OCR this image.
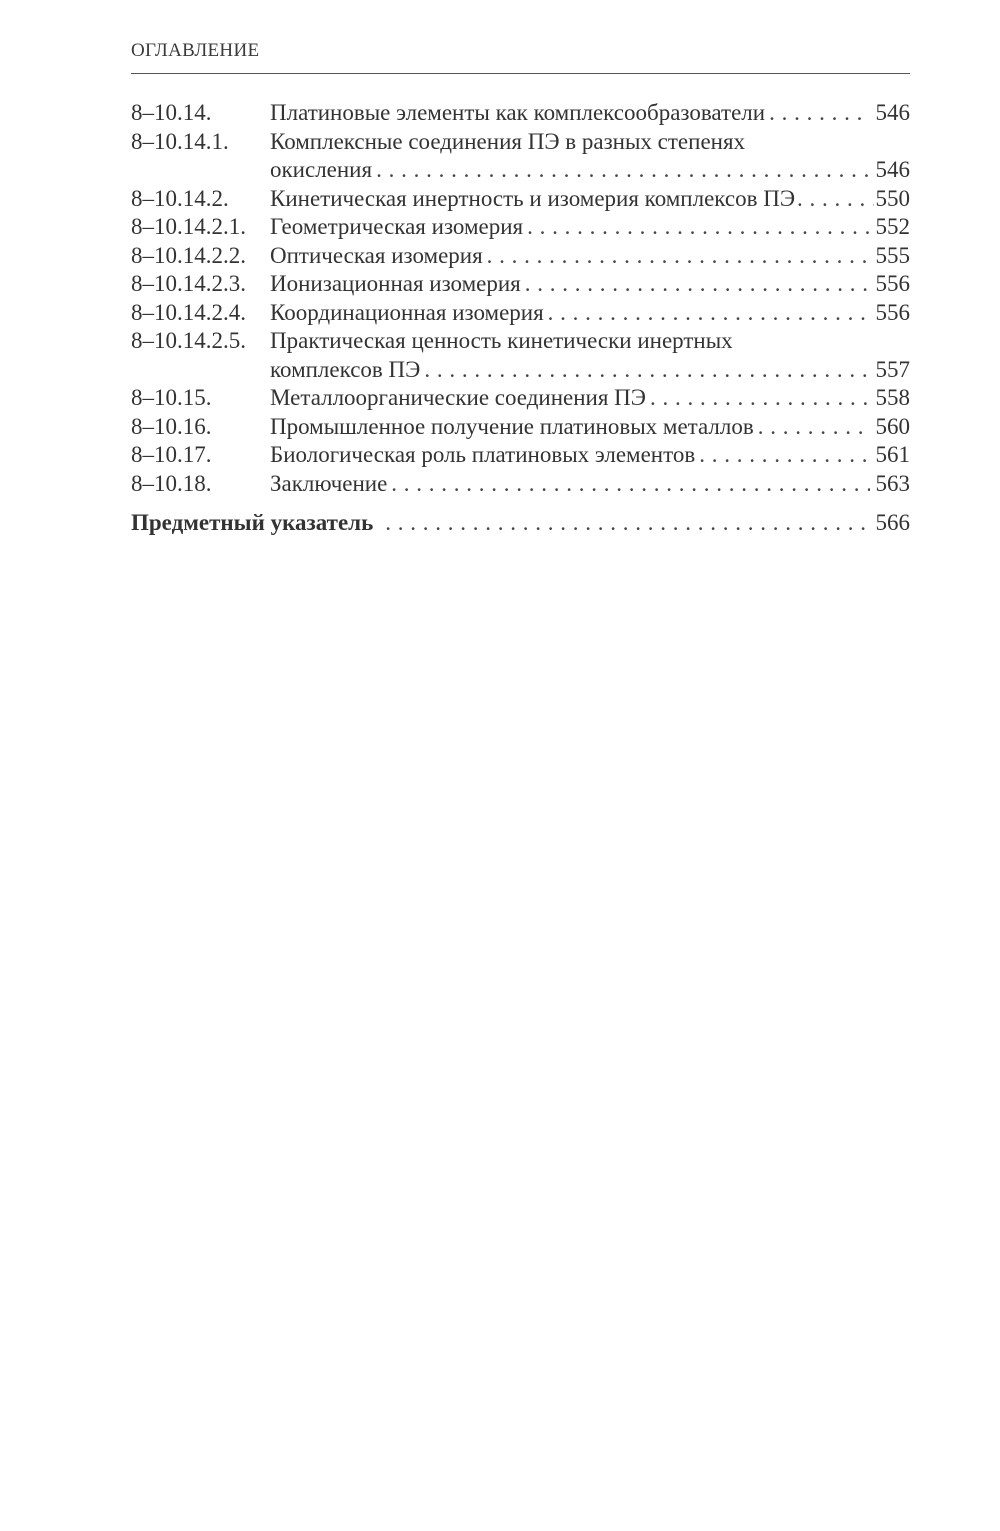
ОГЛАВЛЕНИЕ
8–10.14.	Платиновые элементы как комплексообразователи . . .	546
8–10.14.1. Комплексные соединения ПЭ в разных степенях
окисления . . .	546
8–10.14.2. Кинетическая инертность и изомерия комплексов ПЭ . . .	550
8–10.14.2.1. Геометрическая изомерия . . .	552
8–10.14.2.2. Оптическая изомерия . . .	555
8–10.14.2.3. Ионизационная изомерия . . .	556
8–10.14.2.4. Координационная изомерия . . .	556
8–10.14.2.5. Практическая ценность кинетически инертных
комплексов ПЭ . . .	557
8–10.15.	Металлоорганические соединения ПЭ . . .	558
8–10.16.	Промышленное получение платиновых металлов . . .	560
8–10.17.	Биологическая роль платиновых элементов . . .	561
8–10.18.	Заключение . . .	563
Предметный указатель . . .	566
